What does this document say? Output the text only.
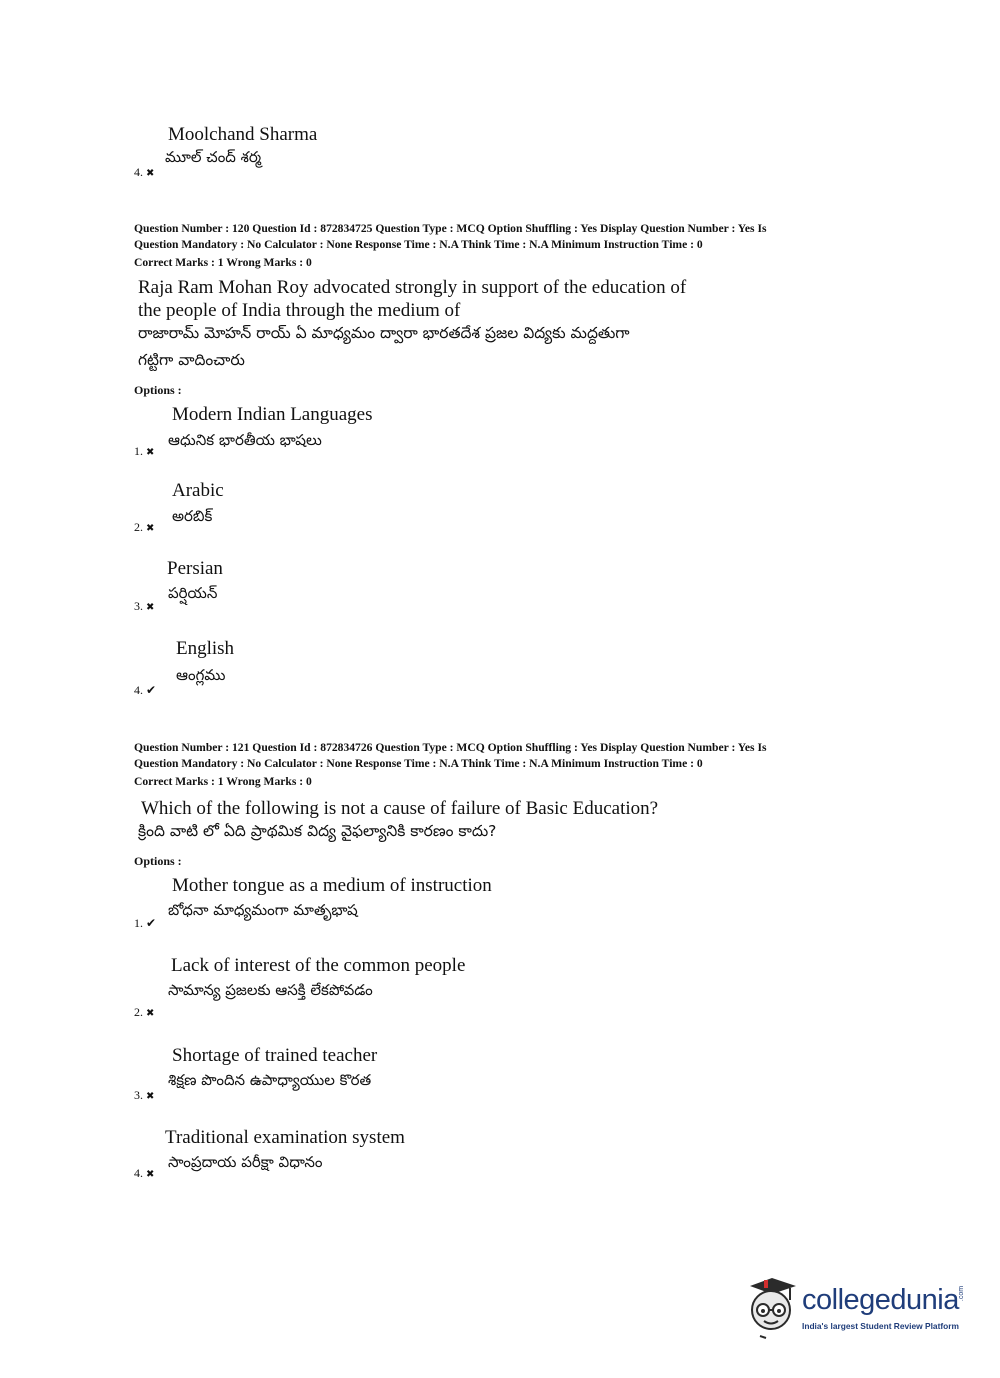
Moolchand Sharma
మూల్ చంద్ శర్మ
4. ✖
Question Number : 120 Question Id : 872834725 Question Type : MCQ Option Shuffling : Yes Display Question Number : Yes Is
Question Mandatory : No Calculator : None Response Time : N.A Think Time : N.A Minimum Instruction Time : 0
Correct Marks : 1 Wrong Marks : 0
Raja Ram Mohan Roy advocated strongly in support of the education of
the people of India through the medium of
రాజారామ్ మోహన్ రాయ్ ఏ మాధ్యమం ద్వారా భారతదేశ ప్రజల విద్యకు మద్దతుగా
గట్టిగా వాదించారు
Options :
Modern Indian Languages
ఆధునిక భారతీయ భాషలు
1. ✖
Arabic
అరబిక్
2. ✖
Persian
పర్షియన్
3. ✖
English
ఆంగ్లము
4. ✔
Question Number : 121 Question Id : 872834726 Question Type : MCQ Option Shuffling : Yes Display Question Number : Yes Is
Question Mandatory : No Calculator : None Response Time : N.A Think Time : N.A Minimum Instruction Time : 0
Correct Marks : 1 Wrong Marks : 0
Which of the following is not a cause of failure of Basic Education?
క్రింది వాటి లో ఏది ప్రాథమిక విద్య వైఫల్యానికి కారణం కాదు?
Options :
Mother tongue as a medium of instruction
బోధనా మాధ్యమంగా మాతృభాష
1. ✔
Lack of interest of the common people
సామాన్య ప్రజలకు ఆసక్తి లేకపోవడం
2. ✖
Shortage of trained teacher
శిక్షణ పొందిన ఉపాధ్యాయుల కొరత
3. ✖
Traditional examination system
సాంప్రదాయ పరీక్షా విధానం
4. ✖
collegedunia .com
India's largest Student Review Platform
